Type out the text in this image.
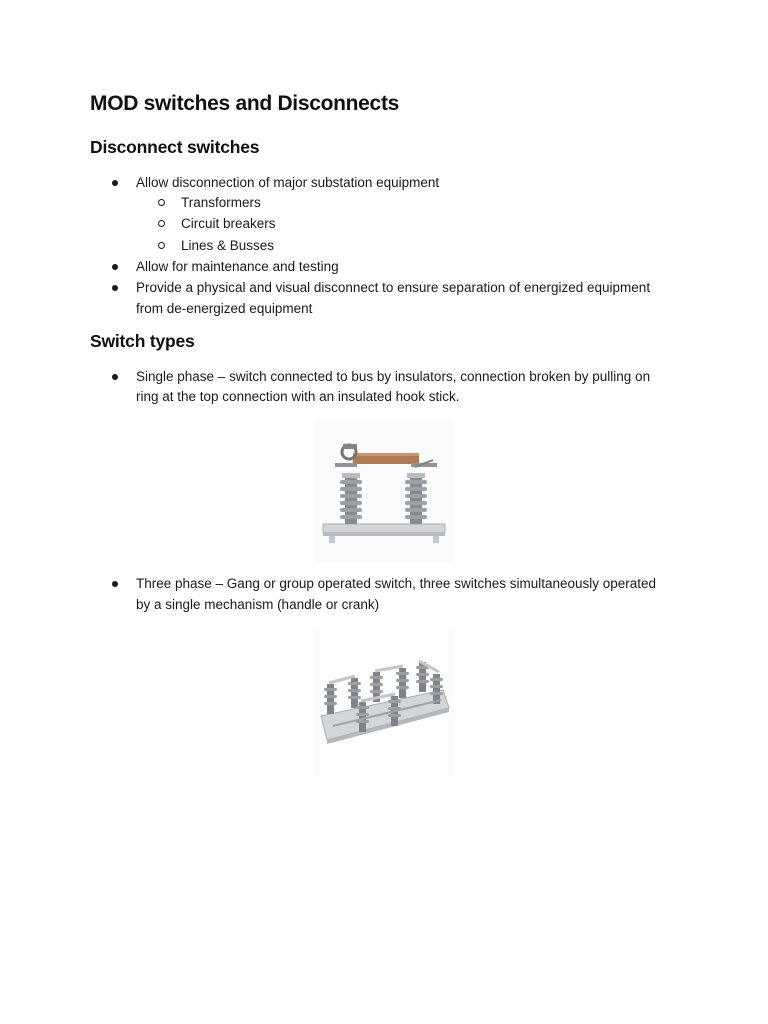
MOD switches and Disconnects
Disconnect switches
Allow disconnection of major substation equipment
Transformers
Circuit breakers
Lines & Busses
Allow for maintenance and testing
Provide a physical and visual disconnect to ensure separation of energized equipment
from de-energized equipment
Switch types
Single phase – switch connected to bus by insulators, connection broken by pulling on
ring at the top connection with an insulated hook stick.
Three phase – Gang or group operated switch, three switches simultaneously operated
by a single mechanism (handle or crank)
